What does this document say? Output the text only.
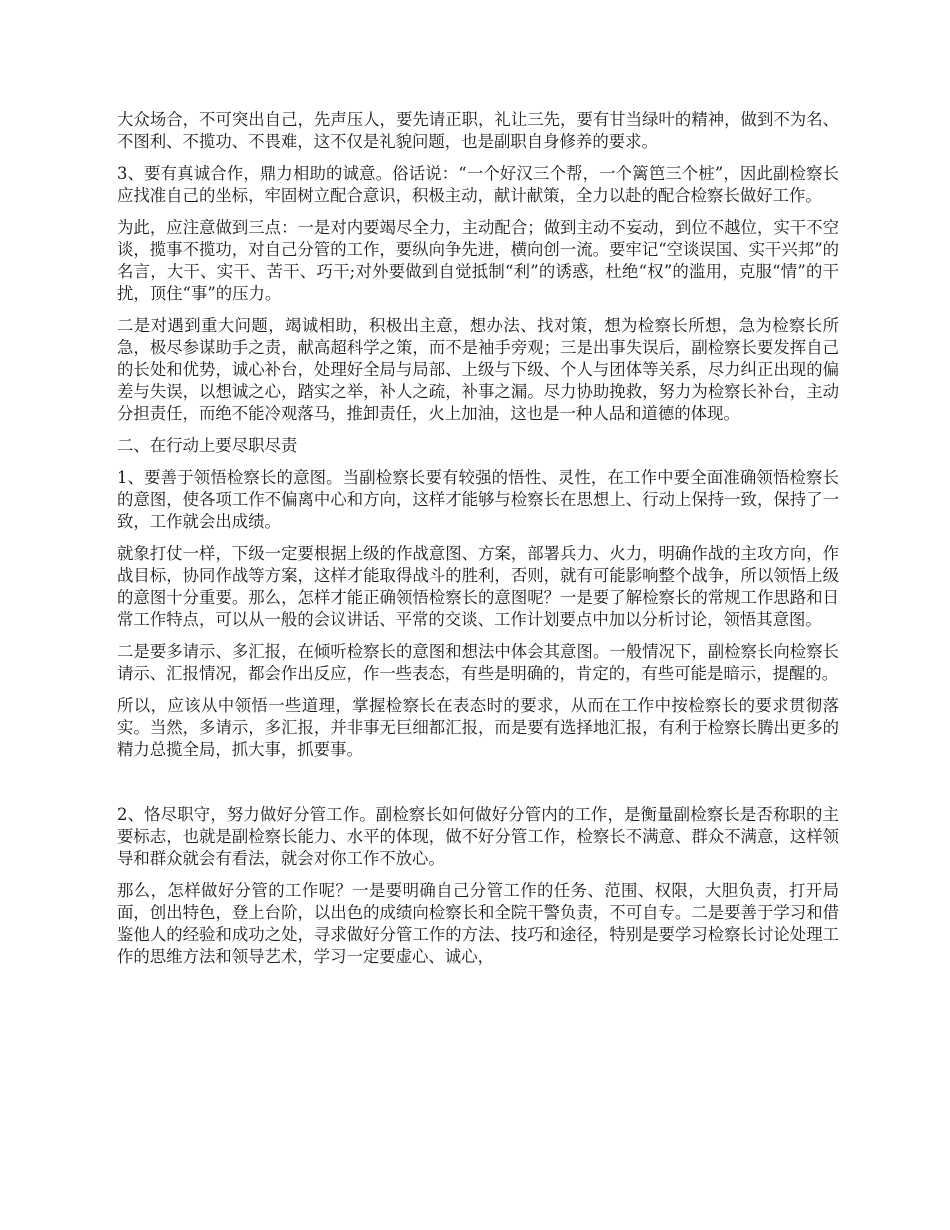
大众场合，不可突出自己，先声压人，要先请正职，礼让三先，要有甘当绿叶的精神，做到不为名、不图利、不揽功、不畏难，这不仅是礼貌问题，也是副职自身修养的要求。

3、要有真诚合作，鼎力相助的诚意。俗话说：“一个好汉三个帮，一个篱笆三个桩”，因此副检察长应找准自己的坐标，牢固树立配合意识，积极主动，献计献策，全力以赴的配合检察长做好工作。

为此，应注意做到三点：一是对内要竭尽全力，主动配合；做到主动不妄动，到位不越位，实干不空谈，揽事不揽功，对自己分管的工作，要纵向争先进，横向创一流。要牢记“空谈误国、实干兴邦”的名言，大干、实干、苦干、巧干;对外要做到自觉抵制“利”的诱惑，杜绝“权”的滥用，克服“情”的干扰，顶住“事”的压力。

二是对遇到重大问题，竭诚相助，积极出主意，想办法、找对策，想为检察长所想，急为检察长所急，极尽参谋助手之责，献高超科学之策，而不是袖手旁观；三是出事失误后，副检察长要发挥自己的长处和优势，诚心补台，处理好全局与局部、上级与下级、个人与团体等关系，尽力纠正出现的偏差与失误，以想诚之心，踏实之举，补人之疏，补事之漏。尽力协助挽救，努力为检察长补台，主动分担责任，而绝不能冷观落马，推卸责任，火上加油，这也是一种人品和道德的体现。

二、在行动上要尽职尽责

1、要善于领悟检察长的意图。当副检察长要有较强的悟性、灵性，在工作中要全面准确领悟检察长的意图，使各项工作不偏离中心和方向，这样才能够与检察长在思想上、行动上保持一致，保持了一致，工作就会出成绩。

就象打仗一样，下级一定要根据上级的作战意图、方案，部署兵力、火力，明确作战的主攻方向，作战目标，协同作战等方案，这样才能取得战斗的胜利，否则，就有可能影响整个战争，所以领悟上级的意图十分重要。那么，怎样才能正确领悟检察长的意图呢？一是要了解检察长的常规工作思路和日常工作特点，可以从一般的会议讲话、平常的交谈、工作计划要点中加以分析讨论，领悟其意图。

二是要多请示、多汇报，在倾听检察长的意图和想法中体会其意图。一般情况下，副检察长向检察长请示、汇报情况，都会作出反应，作一些表态，有些是明确的，肯定的，有些可能是暗示，提醒的。

所以，应该从中领悟一些道理，掌握检察长在表态时的要求，从而在工作中按检察长的要求贯彻落实。当然，多请示，多汇报，并非事无巨细都汇报，而是要有选择地汇报，有利于检察长腾出更多的精力总揽全局，抓大事，抓要事。

2、恪尽职守，努力做好分管工作。副检察长如何做好分管内的工作，是衡量副检察长是否称职的主要标志，也就是副检察长能力、水平的体现，做不好分管工作，检察长不满意、群众不满意，这样领导和群众就会有看法，就会对你工作不放心。

那么，怎样做好分管的工作呢？一是要明确自己分管工作的任务、范围、权限，大胆负责，打开局面，创出特色，登上台阶，以出色的成绩向检察长和全院干警负责，不可自专。二是要善于学习和借鉴他人的经验和成功之处，寻求做好分管工作的方法、技巧和途径，特别是要学习检察长讨论处理工作的思维方法和领导艺术，学习一定要虚心、诚心，
